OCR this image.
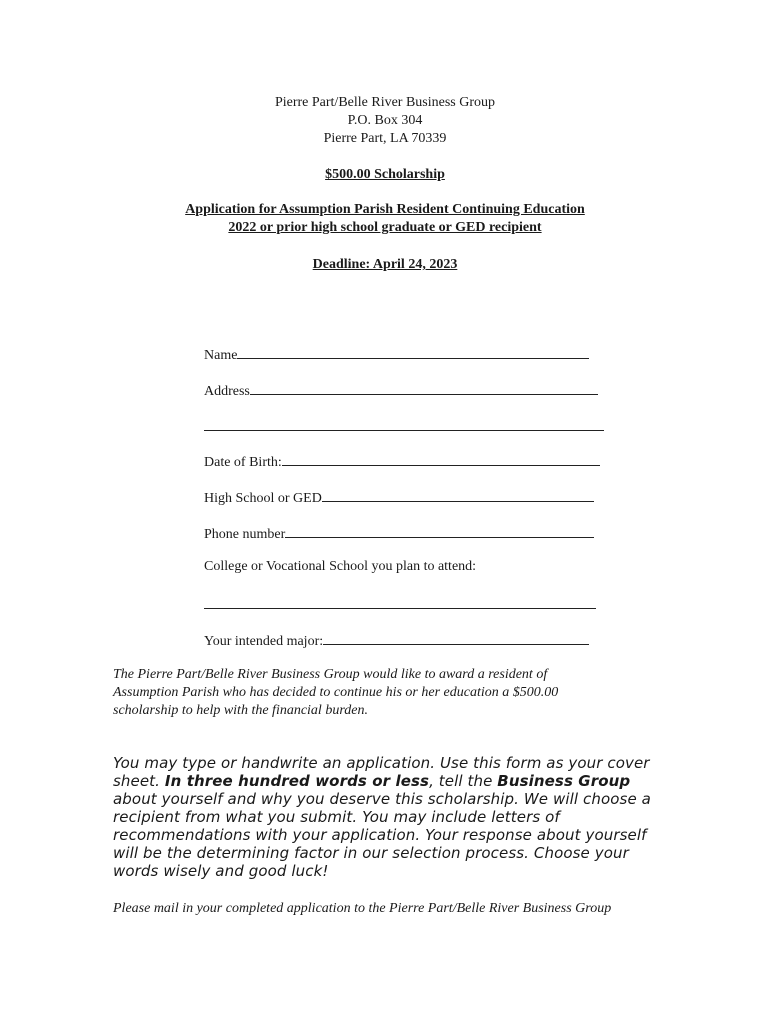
Pierre Part/Belle River Business Group
P.O. Box 304
Pierre Part, LA 70339
$500.00 Scholarship
Application for Assumption Parish Resident Continuing Education
2022 or prior high school graduate or GED recipient
Deadline: April 24, 2023
Name
Address
Date of Birth:
High School or GED
Phone number
College or Vocational School you plan to attend:
Your intended major:
The Pierre Part/Belle River Business Group would like to award a resident of Assumption Parish who has decided to continue his or her education a $500.00 scholarship to help with the financial burden.
You may type or handwrite an application. Use this form as your cover sheet. In three hundred words or less, tell the Business Group about yourself and why you deserve this scholarship. We will choose a recipient from what you submit. You may include letters of recommendations with your application. Your response about yourself will be the determining factor in our selection process. Choose your words wisely and good luck!
Please mail in your completed application to the Pierre Part/Belle River Business Group
